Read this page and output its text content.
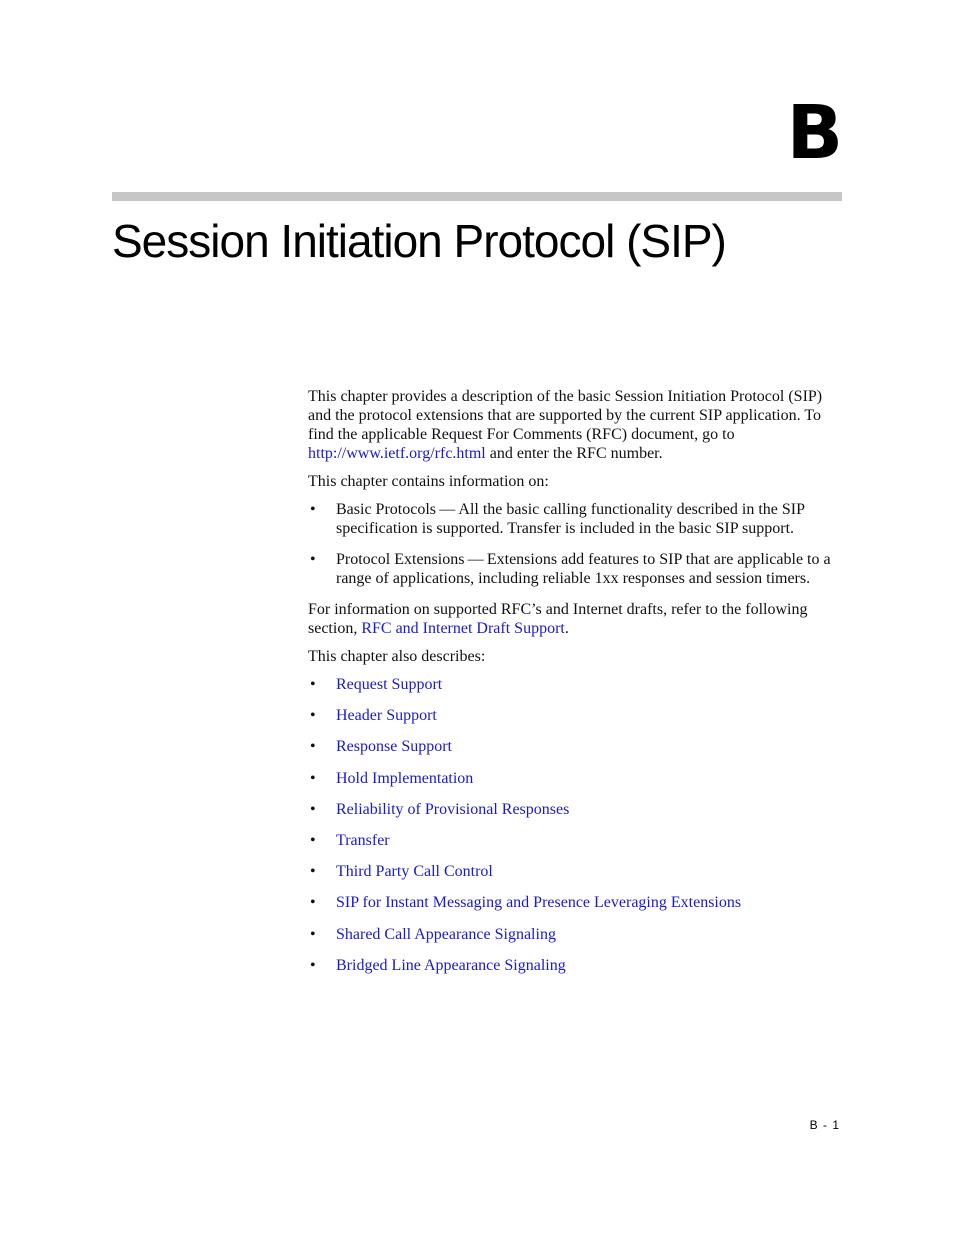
B
Session Initiation Protocol (SIP)

This chapter provides a description of the basic Session Initiation Protocol (SIP) and the protocol extensions that are supported by the current SIP application. To find the applicable Request For Comments (RFC) document, go to http://www.ietf.org/rfc.html and enter the RFC number.

This chapter contains information on:

• Basic Protocols — All the basic calling functionality described in the SIP specification is supported. Transfer is included in the basic SIP support.
• Protocol Extensions — Extensions add features to SIP that are applicable to a range of applications, including reliable 1xx responses and session timers.

For information on supported RFC’s and Internet drafts, refer to the following section, RFC and Internet Draft Support.

This chapter also describes:

• Request Support
• Header Support
• Response Support
• Hold Implementation
• Reliability of Provisional Responses
• Transfer
• Third Party Call Control
• SIP for Instant Messaging and Presence Leveraging Extensions
• Shared Call Appearance Signaling
• Bridged Line Appearance Signaling
B - 1
